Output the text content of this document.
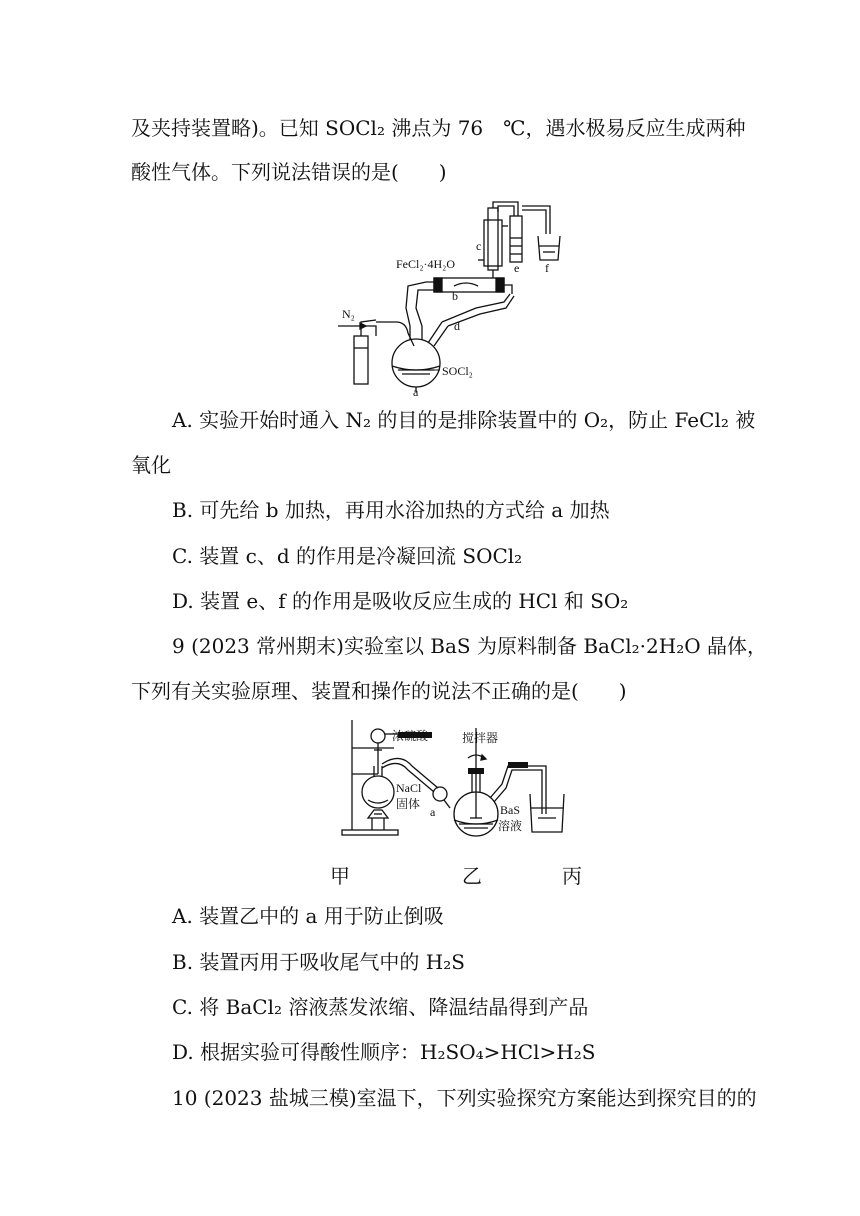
及夹持装置略)。已知 SOCl₂ 沸点为 76　℃，遇水极易反应生成两种
酸性气体。下列说法错误的是(　　)
FeCl₂·4H₂O
N₂
a
b
c
d
e f
SOCl₂
A. 实验开始时通入 N₂ 的目的是排除装置中的 O₂，防止 FeCl₂ 被
氧化
B. 可先给 b 加热，再用水浴加热的方式给 a 加热
C. 装置 c、d 的作用是冷凝回流 SOCl₂
D. 装置 e、f 的作用是吸收反应生成的 HCl 和 SO₂
9 (2023 常州期末)实验室以 BaS 为原料制备 BaCl₂·2H₂O 晶体，
下列有关实验原理、装置和操作的说法不正确的是(　　)
浓硫酸	搅拌器
NaCl
固体
a	BaS
溶液
甲	乙	丙
A. 装置乙中的 a 用于防止倒吸
B. 装置丙用于吸收尾气中的 H₂S
C. 将 BaCl₂ 溶液蒸发浓缩、降温结晶得到产品
D. 根据实验可得酸性顺序：H₂SO₄>HCl>H₂S
10 (2023 盐城三模)室温下，下列实验探究方案能达到探究目的的
